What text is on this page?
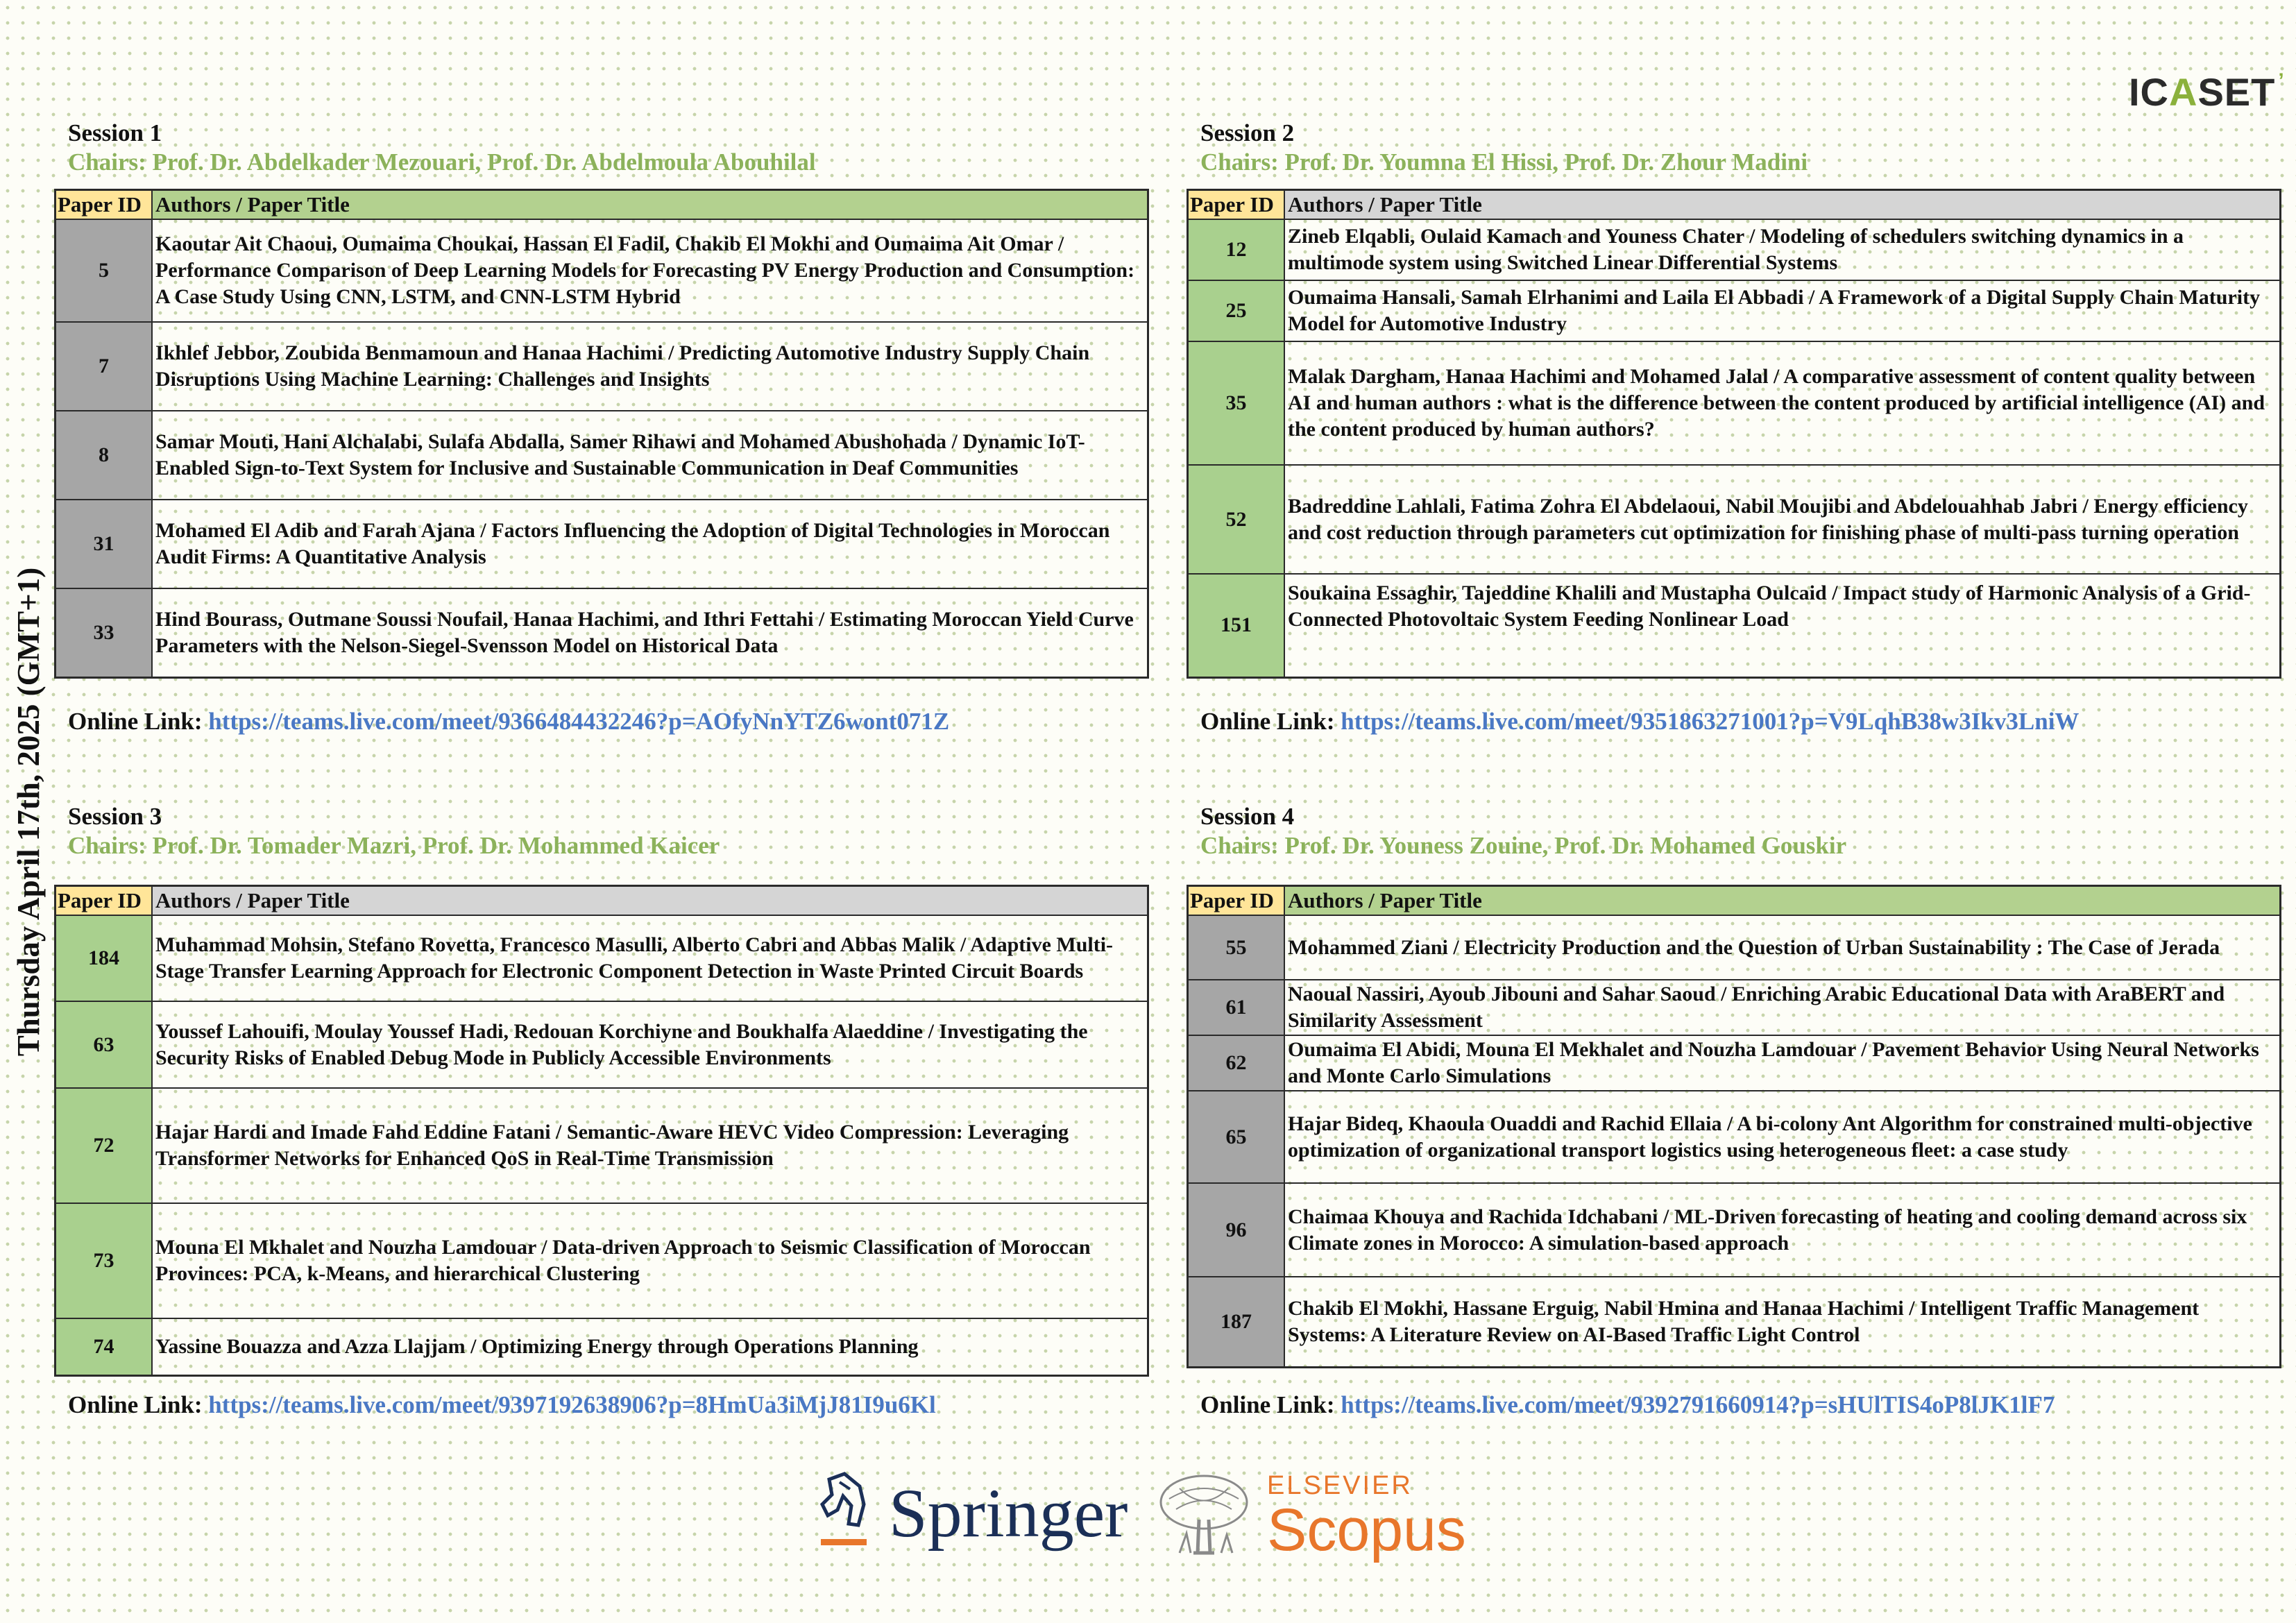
ICASET ’
Thursday April 17th, 2025 (GMT+1)
Session 1
Chairs: Prof. Dr. Abdelkader Mezouari, Prof. Dr. Abdelmoula Abouhilal
Paper ID	Authors / Paper Title
5	Kaoutar Ait Chaoui, Oumaima Choukai, Hassan El Fadil, Chakib El Mokhi and Oumaima Ait Omar / Performance Comparison of Deep Learning Models for Forecasting PV Energy Production and Consumption: A Case Study Using CNN, LSTM, and CNN-LSTM Hybrid
7	Ikhlef Jebbor, Zoubida Benmamoun and Hanaa Hachimi / Predicting Automotive Industry Supply Chain Disruptions Using Machine Learning: Challenges and Insights
8	Samar Mouti, Hani Alchalabi, Sulafa Abdalla, Samer Rihawi and Mohamed Abushohada / Dynamic IoT-Enabled Sign-to-Text System for Inclusive and Sustainable Communication in Deaf Communities
31	Mohamed El Adib and Farah Ajana / Factors Influencing the Adoption of Digital Technologies in Moroccan Audit Firms: A Quantitative Analysis
33	Hind Bourass, Outmane Soussi Noufail, Hanaa Hachimi, and Ithri Fettahi / Estimating Moroccan Yield Curve Parameters with the Nelson-Siegel-Svensson Model on Historical Data
Online Link: https://teams.live.com/meet/9366484432246?p=AOfyNnYTZ6wont071Z
Session 2
Chairs: Prof. Dr. Youmna El Hissi, Prof. Dr. Zhour Madini
Paper ID	Authors / Paper Title
12	Zineb Elqabli, Oulaid Kamach and Youness Chater / Modeling of schedulers switching dynamics in a multimode system using Switched Linear Differential Systems
25	Oumaima Hansali, Samah Elrhanimi and Laila El Abbadi / A Framework of a Digital Supply Chain Maturity Model for Automotive Industry
35	Malak Dargham, Hanaa Hachimi and Mohamed Jalal / A comparative assessment of content quality between AI and human authors : what is the difference between the content produced by artificial intelligence (AI) and the content produced by human authors?
52	Badreddine Lahlali, Fatima Zohra El Abdelaoui, Nabil Moujibi and Abdelouahhab Jabri / Energy efficiency and cost reduction through parameters cut optimization for finishing phase of multi-pass turning operation
151	Soukaina Essaghir, Tajeddine Khalili and Mustapha Oulcaid / Impact study of Harmonic Analysis of a Grid-Connected Photovoltaic System Feeding Nonlinear Load
Online Link: https://teams.live.com/meet/9351863271001?p=V9LqhB38w3Ikv3LniW
Session 3
Chairs: Prof. Dr. Tomader Mazri, Prof. Dr. Mohammed Kaicer
Paper ID	Authors / Paper Title
184	Muhammad Mohsin, Stefano Rovetta, Francesco Masulli, Alberto Cabri and Abbas Malik / Adaptive Multi-Stage Transfer Learning Approach for Electronic Component Detection in Waste Printed Circuit Boards
63	Youssef Lahouifi, Moulay Youssef Hadi, Redouan Korchiyne and Boukhalfa Alaeddine / Investigating the Security Risks of Enabled Debug Mode in Publicly Accessible Environments
72	Hajar Hardi and Imade Fahd Eddine Fatani / Semantic-Aware HEVC Video Compression: Leveraging Transformer Networks for Enhanced QoS in Real-Time Transmission
73	Mouna El Mkhalet and Nouzha Lamdouar / Data-driven Approach to Seismic Classification of Moroccan Provinces: PCA, k-Means, and hierarchical Clustering
74	Yassine Bouazza and Azza Llajjam / Optimizing Energy through Operations Planning
Online Link: https://teams.live.com/meet/9397192638906?p=8HmUa3iMjJ81I9u6Kl
Session 4
Chairs: Prof. Dr. Youness Zouine, Prof. Dr. Mohamed Gouskir
Paper ID	Authors / Paper Title
55	Mohammed Ziani / Electricity Production and the Question of Urban Sustainability : The Case of Jerada
61	Naoual Nassiri, Ayoub Jibouni and Sahar Saoud / Enriching Arabic Educational Data with AraBERT and Similarity Assessment
62	Oumaima El Abidi, Mouna El Mekhalet and Nouzha Lamdouar / Pavement Behavior Using Neural Networks and Monte Carlo Simulations
65	Hajar Bideq, Khaoula Ouaddi and Rachid Ellaia / A bi-colony Ant Algorithm for constrained multi-objective optimization of organizational transport logistics using heterogeneous fleet: a case study
96	Chaimaa Khouya and Rachida Idchabani / ML-Driven forecasting of heating and cooling demand across six Climate zones in Morocco: A simulation-based approach
187	Chakib El Mokhi, Hassane Erguig, Nabil Hmina and Hanaa Hachimi / Intelligent Traffic Management Systems: A Literature Review on AI-Based Traffic Light Control
Online Link: https://teams.live.com/meet/9392791660914?p=sHUlTIS4oP8lJK1lF7
Springer	ELSEVIER
Scopus
